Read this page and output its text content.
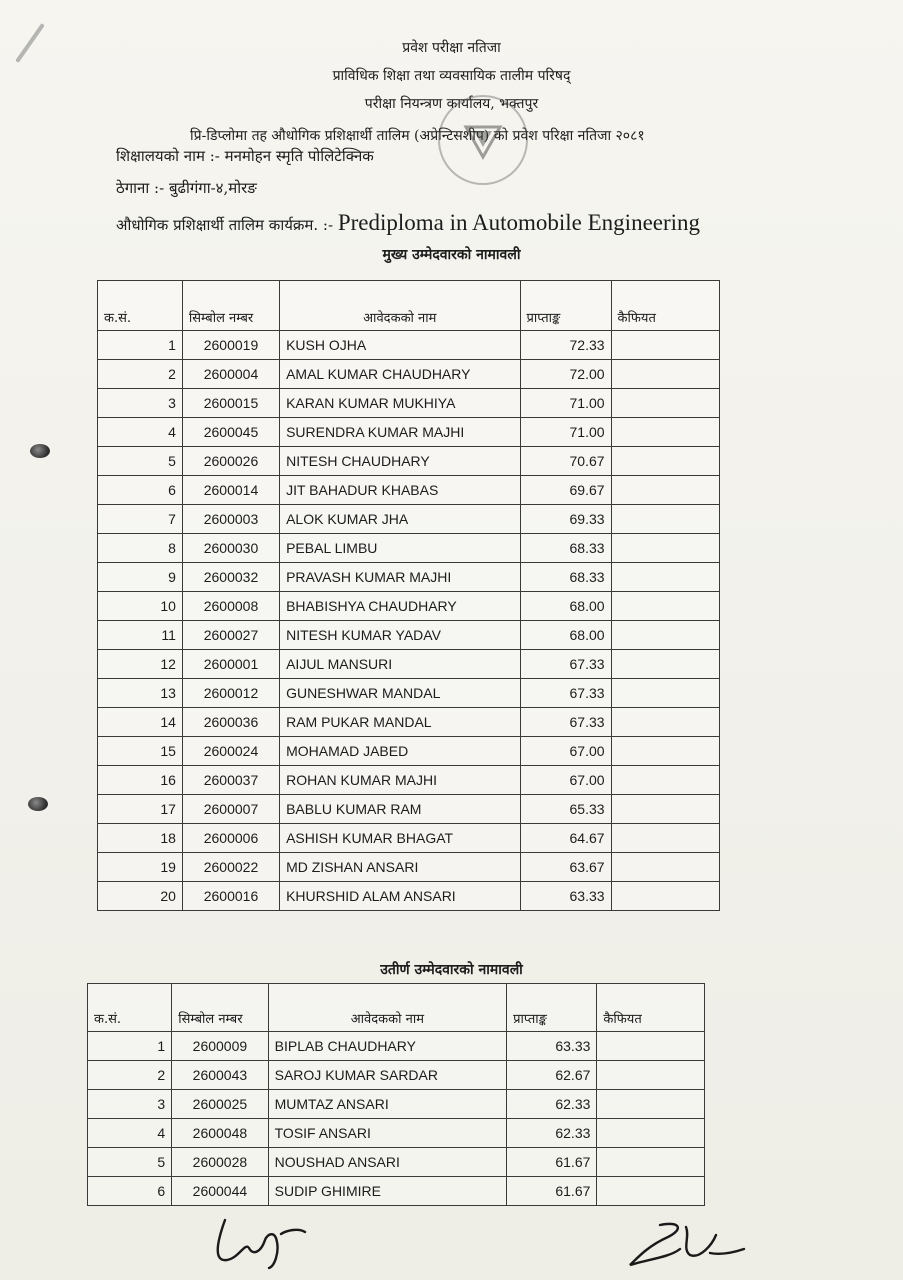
प्रवेश परीक्षा नतिजा
प्राविधिक शिक्षा तथा व्यवसायिक तालीम परिषद्
परीक्षा नियन्त्रण कार्यालय, भक्तपुर
प्रि-डिप्लोमा तह औधोगिक प्रशिक्षार्थी तालिम (अप्रेन्टिसशीप) को प्रवेश परिक्षा नतिजा २०८१
शिक्षालयको नाम :- मनमोहन स्मृति पोलिटेक्निक
ठेगाना :- बुढीगंगा-४,मोरङ
औधोगिक प्रशिक्षार्थी तालिम कार्यक्रम. :- Prediploma in Automobile Engineering
मुख्य उम्मेदवारको नामावली
क.सं.	सिम्बोल नम्बर	आवेदकको नाम	प्राप्ताङ्क	कैफियत
1	2600019	KUSH OJHA	72.33	
2	2600004	AMAL KUMAR CHAUDHARY	72.00	
3	2600015	KARAN KUMAR MUKHIYA	71.00	
4	2600045	SURENDRA KUMAR MAJHI	71.00	
5	2600026	NITESH CHAUDHARY	70.67	
6	2600014	JIT BAHADUR KHABAS	69.67	
7	2600003	ALOK KUMAR JHA	69.33	
8	2600030	PEBAL LIMBU	68.33	
9	2600032	PRAVASH KUMAR MAJHI	68.33	
10	2600008	BHABISHYA CHAUDHARY	68.00	
11	2600027	NITESH KUMAR YADAV	68.00	
12	2600001	AIJUL MANSURI	67.33	
13	2600012	GUNESHWAR MANDAL	67.33	
14	2600036	RAM PUKAR MANDAL	67.33	
15	2600024	MOHAMAD JABED	67.00	
16	2600037	ROHAN KUMAR MAJHI	67.00	
17	2600007	BABLU KUMAR RAM	65.33	
18	2600006	ASHISH KUMAR BHAGAT	64.67	
19	2600022	MD ZISHAN ANSARI	63.67	
20	2600016	KHURSHID ALAM ANSARI	63.33	
उतीर्ण उम्मेदवारको नामावली
क.सं.	सिम्बोल नम्बर	आवेदकको नाम	प्राप्ताङ्क	कैफियत
1	2600009	BIPLAB CHAUDHARY	63.33	
2	2600043	SAROJ KUMAR SARDAR	62.67	
3	2600025	MUMTAZ ANSARI	62.33	
4	2600048	TOSIF ANSARI	62.33	
5	2600028	NOUSHAD ANSARI	61.67	
6	2600044	SUDIP GHIMIRE	61.67	
